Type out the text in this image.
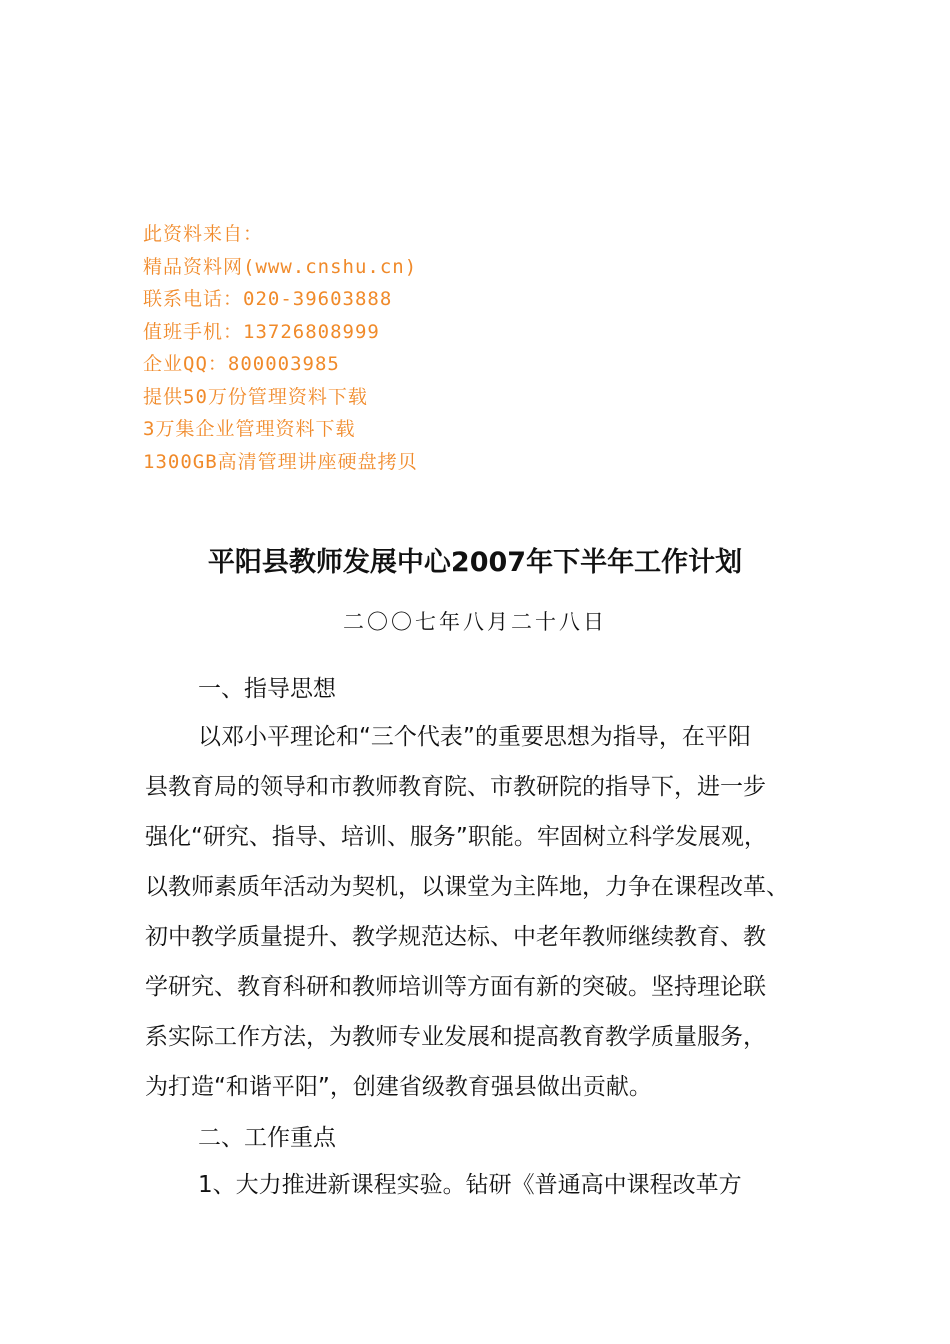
此资料来自：
精品资料网(www.cnshu.cn)
联系电话：020-39603888
值班手机：13726808999
企业QQ：800003985
提供50万份管理资料下载
3万集企业管理资料下载
1300GB高清管理讲座硬盘拷贝
平阳县教师发展中心2007年下半年工作计划
二〇〇七年八月二十八日
一、指导思想
以邓小平理论和“三个代表”的重要思想为指导，在平阳
县教育局的领导和市教师教育院、市教研院的指导下，进一步
强化“研究、指导、培训、服务”职能。牢固树立科学发展观，
以教师素质年活动为契机，以课堂为主阵地，力争在课程改革、
初中教学质量提升、教学规范达标、中老年教师继续教育、教
学研究、教育科研和教师培训等方面有新的突破。坚持理论联
系实际工作方法，为教师专业发展和提高教育教学质量服务，
为打造“和谐平阳”，创建省级教育强县做出贡献。
二、工作重点
1、大力推进新课程实验。钻研《普通高中课程改革方
